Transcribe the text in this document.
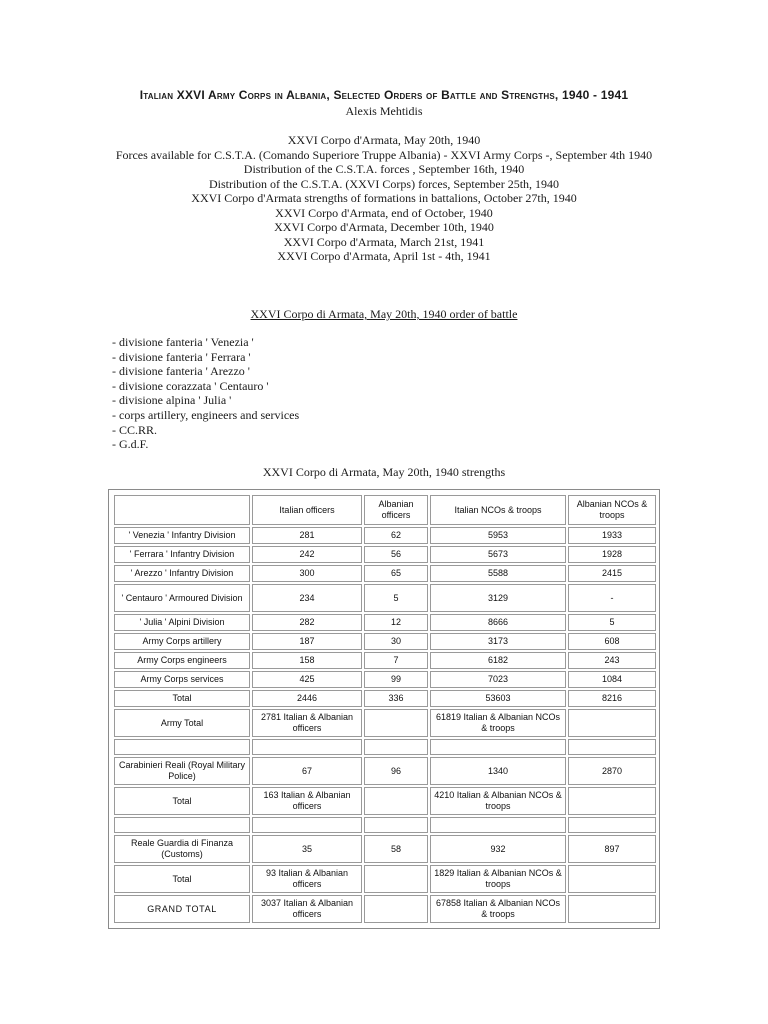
Italian XXVI Army Corps in Albania, Selected Orders of Battle and Strengths, 1940 - 1941
Alexis Mehtidis
XXVI Corpo d'Armata, May 20th, 1940
Forces available for C.S.T.A. (Comando Superiore Truppe Albania) - XXVI Army Corps -, September 4th 1940
Distribution of the C.S.T.A. forces , September 16th, 1940
Distribution of the C.S.T.A. (XXVI Corps) forces, September 25th, 1940
XXVI Corpo d'Armata strengths of formations in battalions, October 27th, 1940
XXVI Corpo d'Armata, end of October, 1940
XXVI Corpo d'Armata, December 10th, 1940
XXVI Corpo d'Armata, March 21st, 1941
XXVI Corpo d'Armata, April 1st - 4th, 1941
XXVI Corpo di Armata, May 20th, 1940 order of battle
- divisione fanteria ' Venezia '
- divisione fanteria ' Ferrara '
- divisione fanteria ' Arezzo '
- divisione corazzata ' Centauro '
- divisione alpina ' Julia '
- corps artillery, engineers and services
- CC.RR.
- G.d.F.
XXVI Corpo di Armata, May 20th, 1940 strengths
	Italian officers	Albanian officers	Italian NCOs & troops	Albanian NCOs & troops
' Venezia ' Infantry Division	281	62	5953	1933
' Ferrara ' Infantry Division	242	56	5673	1928
' Arezzo ' Infantry Division	300	65	5588	2415
' Centauro ' Armoured Division	234	5	3129	-
' Julia ' Alpini Division	282	12	8666	5
Army Corps artillery	187	30	3173	608
Army Corps engineers	158	7	6182	243
Army Corps services	425	99	7023	1084
Total	2446	336	53603	8216
Army Total	2781 Italian & Albanian officers		61819 Italian & Albanian NCOs & troops	

Carabinieri Reali (Royal Military Police)	67	96	1340	2870
Total	163 Italian & Albanian officers		4210 Italian & Albanian NCOs & troops	

Reale Guardia di Finanza (Customs)	35	58	932	897
Total	93 Italian & Albanian officers		1829 Italian & Albanian NCOs & troops	
GRAND TOTAL	3037 Italian & Albanian officers		67858 Italian & Albanian NCOs & troops	
